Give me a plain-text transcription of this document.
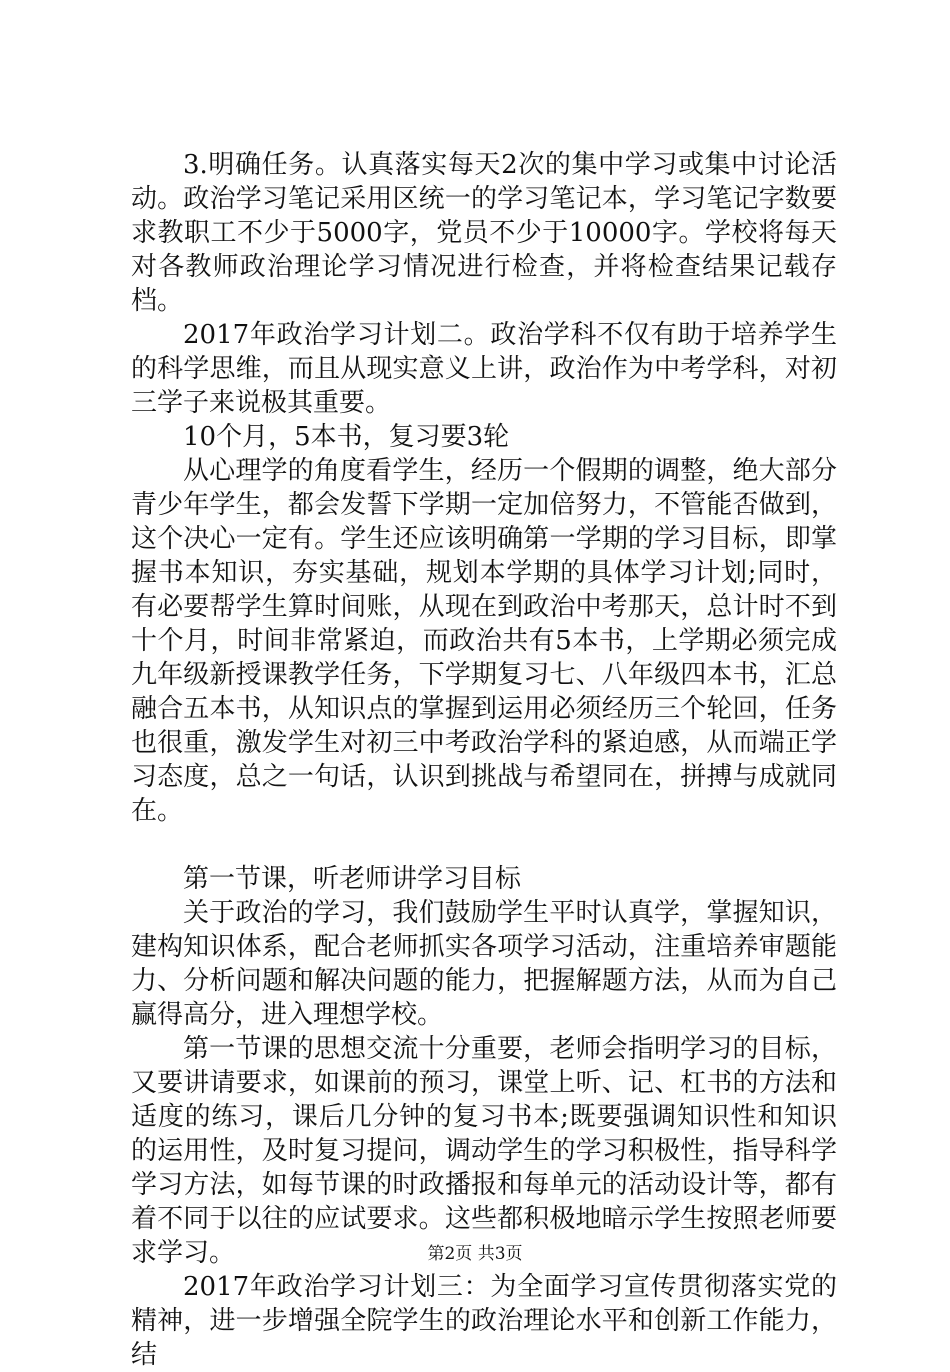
3.明确任务。认真落实每天2次的集中学习或集中讨论活动。政治学习笔记采用区统一的学习笔记本，学习笔记字数要求教职工不少于5000字，党员不少于10000字。学校将每天对各教师政治理论学习情况进行检查，并将检查结果记载存档。

2017年政治学习计划二。政治学科不仅有助于培养学生的科学思维，而且从现实意义上讲，政治作为中考学科，对初三学子来说极其重要。

10个月，5本书，复习要3轮

从心理学的角度看学生，经历一个假期的调整，绝大部分青少年学生，都会发誓下学期一定加倍努力，不管能否做到，这个决心一定有。学生还应该明确第一学期的学习目标，即掌握书本知识，夯实基础，规划本学期的具体学习计划;同时，有必要帮学生算时间账，从现在到政治中考那天，总计时不到十个月，时间非常紧迫，而政治共有5本书，上学期必须完成九年级新授课教学任务，下学期复习七、八年级四本书，汇总融合五本书，从知识点的掌握到运用必须经历三个轮回，任务也很重，激发学生对初三中考政治学科的紧迫感，从而端正学习态度，总之一句话，认识到挑战与希望同在，拼搏与成就同在。

第一节课，听老师讲学习目标

关于政治的学习，我们鼓励学生平时认真学，掌握知识，建构知识体系，配合老师抓实各项学习活动，注重培养审题能力、分析问题和解决问题的能力，把握解题方法，从而为自己赢得高分，进入理想学校。

第一节课的思想交流十分重要，老师会指明学习的目标，又要讲请要求，如课前的预习，课堂上听、记、杠书的方法和适度的练习，课后几分钟的复习书本;既要强调知识性和知识的运用性，及时复习提问，调动学生的学习积极性，指导科学学习方法，如每节课的时政播报和每单元的活动设计等，都有着不同于以往的应试要求。这些都积极地暗示学生按照老师要求学习。

2017年政治学习计划三：为全面学习宣传贯彻落实党的精神，进一步增强全院学生的政治理论水平和创新工作能力，结

第2页 共3页
